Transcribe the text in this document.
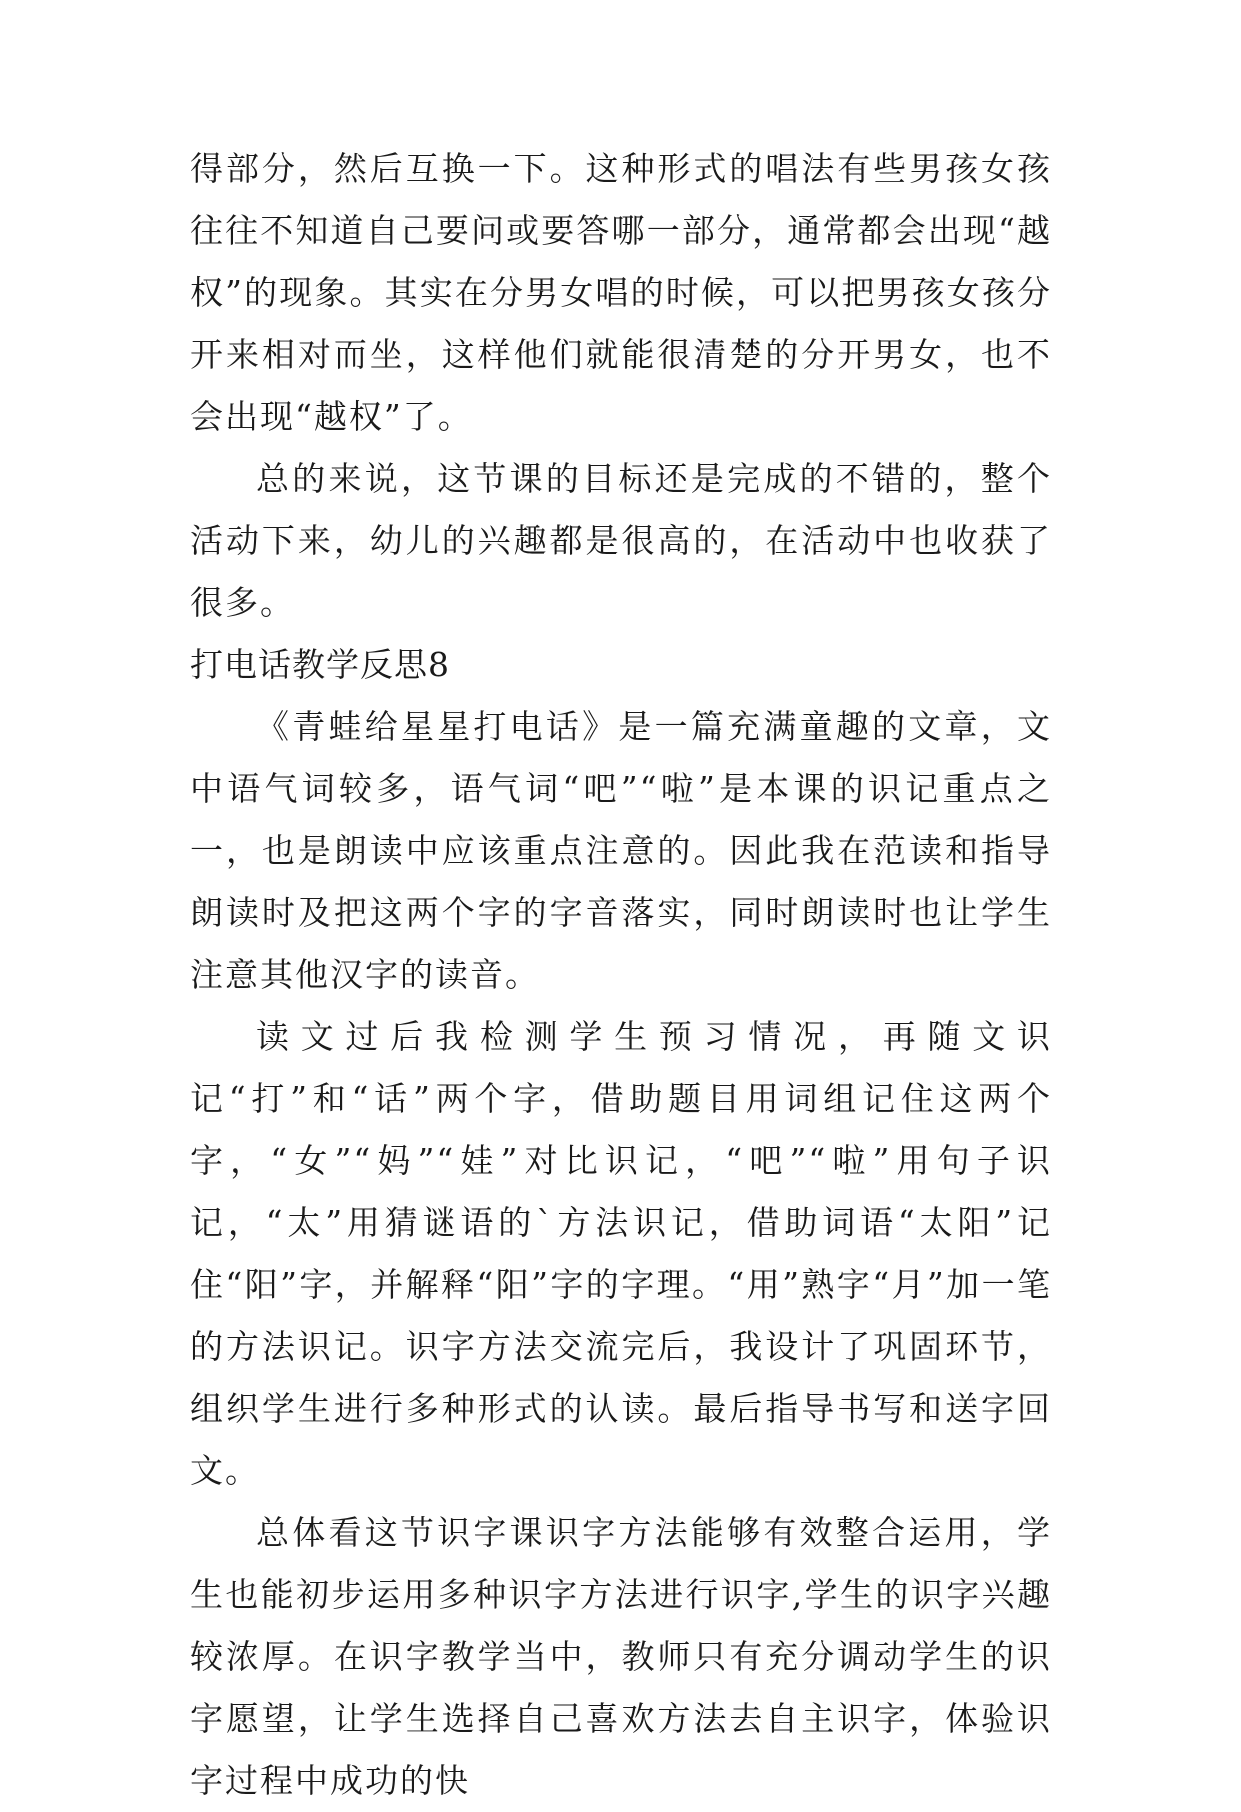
得部分，然后互换一下。这种形式的唱法有些男孩女孩往往不知道自己要问或要答哪一部分，通常都会出现“越权”的现象。其实在分男女唱的时候，可以把男孩女孩分开来相对而坐，这样他们就能很清楚的分开男女，也不会出现“越权”了。

总的来说，这节课的目标还是完成的不错的，整个活动下来，幼儿的兴趣都是很高的，在活动中也收获了很多。

打电话教学反思8

《青蛙给星星打电话》是一篇充满童趣的文章，文中语气词较多，语气词“吧”“啦”是本课的识记重点之一，也是朗读中应该重点注意的。因此我在范读和指导朗读时及把这两个字的字音落实，同时朗读时也让学生注意其他汉字的读音。

读文过后我检测学生预习情况，再随文识记“打”和“话”两个字，借助题目用词组记住这两个字，“女”“妈”“娃”对比识记，“吧”“啦”用句子识记，“太”用猜谜语的`方法识记，借助词语“太阳”记住“阳”字，并解释“阳”字的字理。“用”熟字“月”加一笔的方法识记。识字方法交流完后，我设计了巩固环节，组织学生进行多种形式的认读。最后指导书写和送字回文。

总体看这节识字课识字方法能够有效整合运用，学生也能初步运用多种识字方法进行识字,学生的识字兴趣较浓厚。在识字教学当中，教师只有充分调动学生的识字愿望，让学生选择自己喜欢方法去自主识字，体验识字过程中成功的快
